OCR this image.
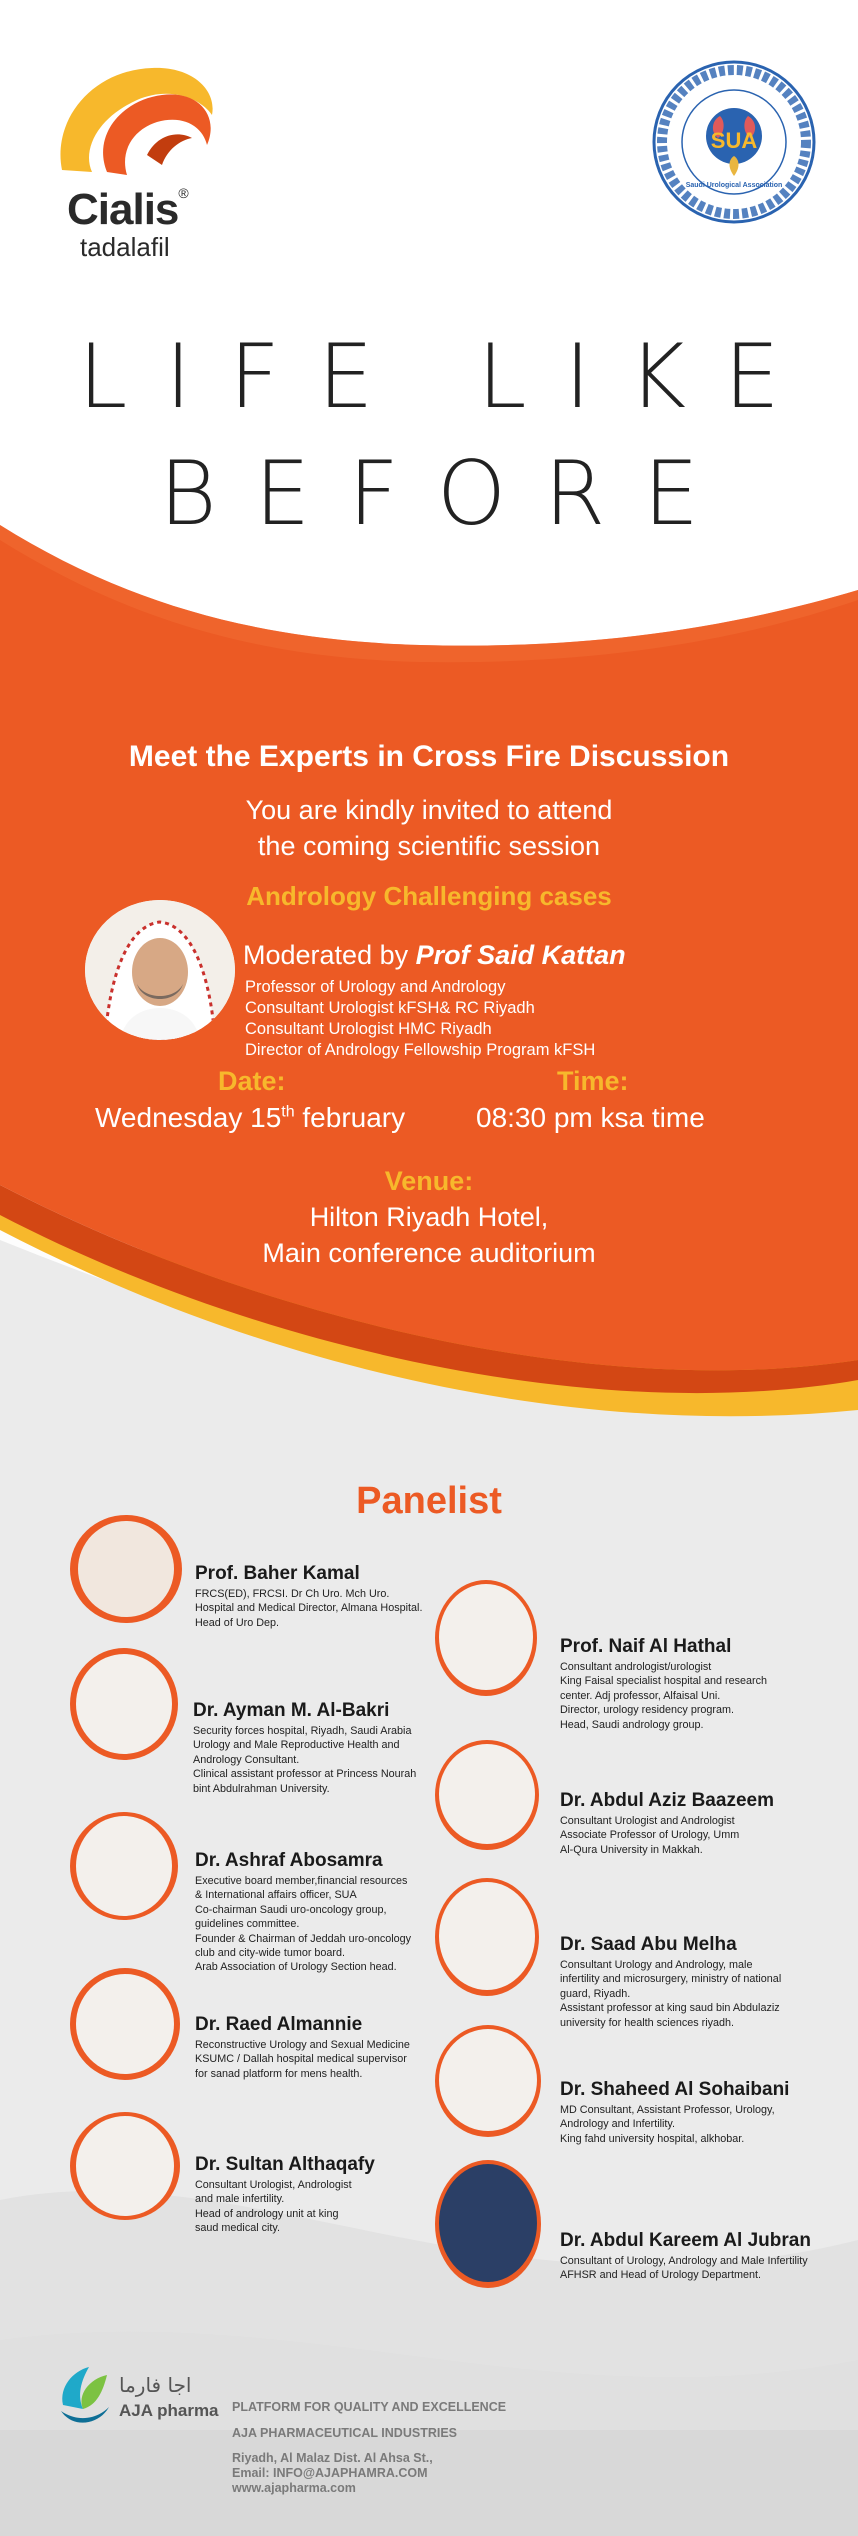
Cialis®
tadalafil
SUA
Saudi Urological Association
LIFE LIKE
BEFORE
Meet the Experts in Cross Fire Discussion
You are kindly invited to attend
the coming scientific session
Andrology Challenging cases
Moderated by Prof Said Kattan
Professor of Urology and Andrology
Consultant Urologist kFSH& RC Riyadh
Consultant Urologist HMC Riyadh
Director of Andrology Fellowship Program kFSH
Date:	Time:
Wednesday 15th february	08:30 pm ksa time
Venue:
Hilton Riyadh Hotel,
Main conference auditorium
Panelist
Prof. Baher Kamal
FRCS(ED), FRCSI. Dr Ch Uro. Mch Uro.
Hospital and Medical Director, Almana Hospital.
Head of Uro Dep.
Dr. Ayman M. Al-Bakri
Security forces hospital, Riyadh, Saudi Arabia
Urology and Male Reproductive Health and
Andrology Consultant.
Clinical assistant professor at Princess Nourah
bint Abdulrahman University.
Dr. Ashraf Abosamra
Executive board member,financial resources
& International affairs officer, SUA
Co-chairman Saudi uro-oncology group,
guidelines committee.
Founder & Chairman of Jeddah uro-oncology
club and city-wide tumor board.
Arab Association of Urology Section head.
Dr. Raed Almannie
Reconstructive Urology and Sexual Medicine
KSUMC / Dallah hospital medical supervisor
for sanad platform for mens health.
Dr. Sultan Althaqafy
Consultant Urologist, Andrologist
and male infertility.
Head of andrology unit at king
saud medical city.
Prof. Naif Al Hathal
Consultant andrologist/urologist
King Faisal specialist hospital and research
center. Adj professor, Alfaisal Uni.
Director, urology residency program.
Head, Saudi andrology group.
Dr. Abdul Aziz Baazeem
Consultant Urologist and Andrologist
Associate Professor of Urology, Umm
Al-Qura University in Makkah.
Dr. Saad Abu Melha
Consultant Urology and Andrology, male
infertility and microsurgery, ministry of national
guard, Riyadh.
Assistant professor at king saud bin Abdulaziz
university for health sciences riyadh.
Dr. Shaheed Al Sohaibani
MD Consultant, Assistant Professor, Urology,
Andrology and Infertility.
King fahd university hospital, alkhobar.
Dr. Abdul Kareem Al Jubran
Consultant of Urology, Andrology and Male Infertility
AFHSR and Head of Urology Department.
اجا فارما
AJA pharma PLATFORM FOR QUALITY AND EXCELLENCE
AJA PHARMACEUTICAL INDUSTRIES
Riyadh, Al Malaz Dist. Al Ahsa St.,
Email: INFO@AJAPHAMRA.COM
www.ajapharma.com
